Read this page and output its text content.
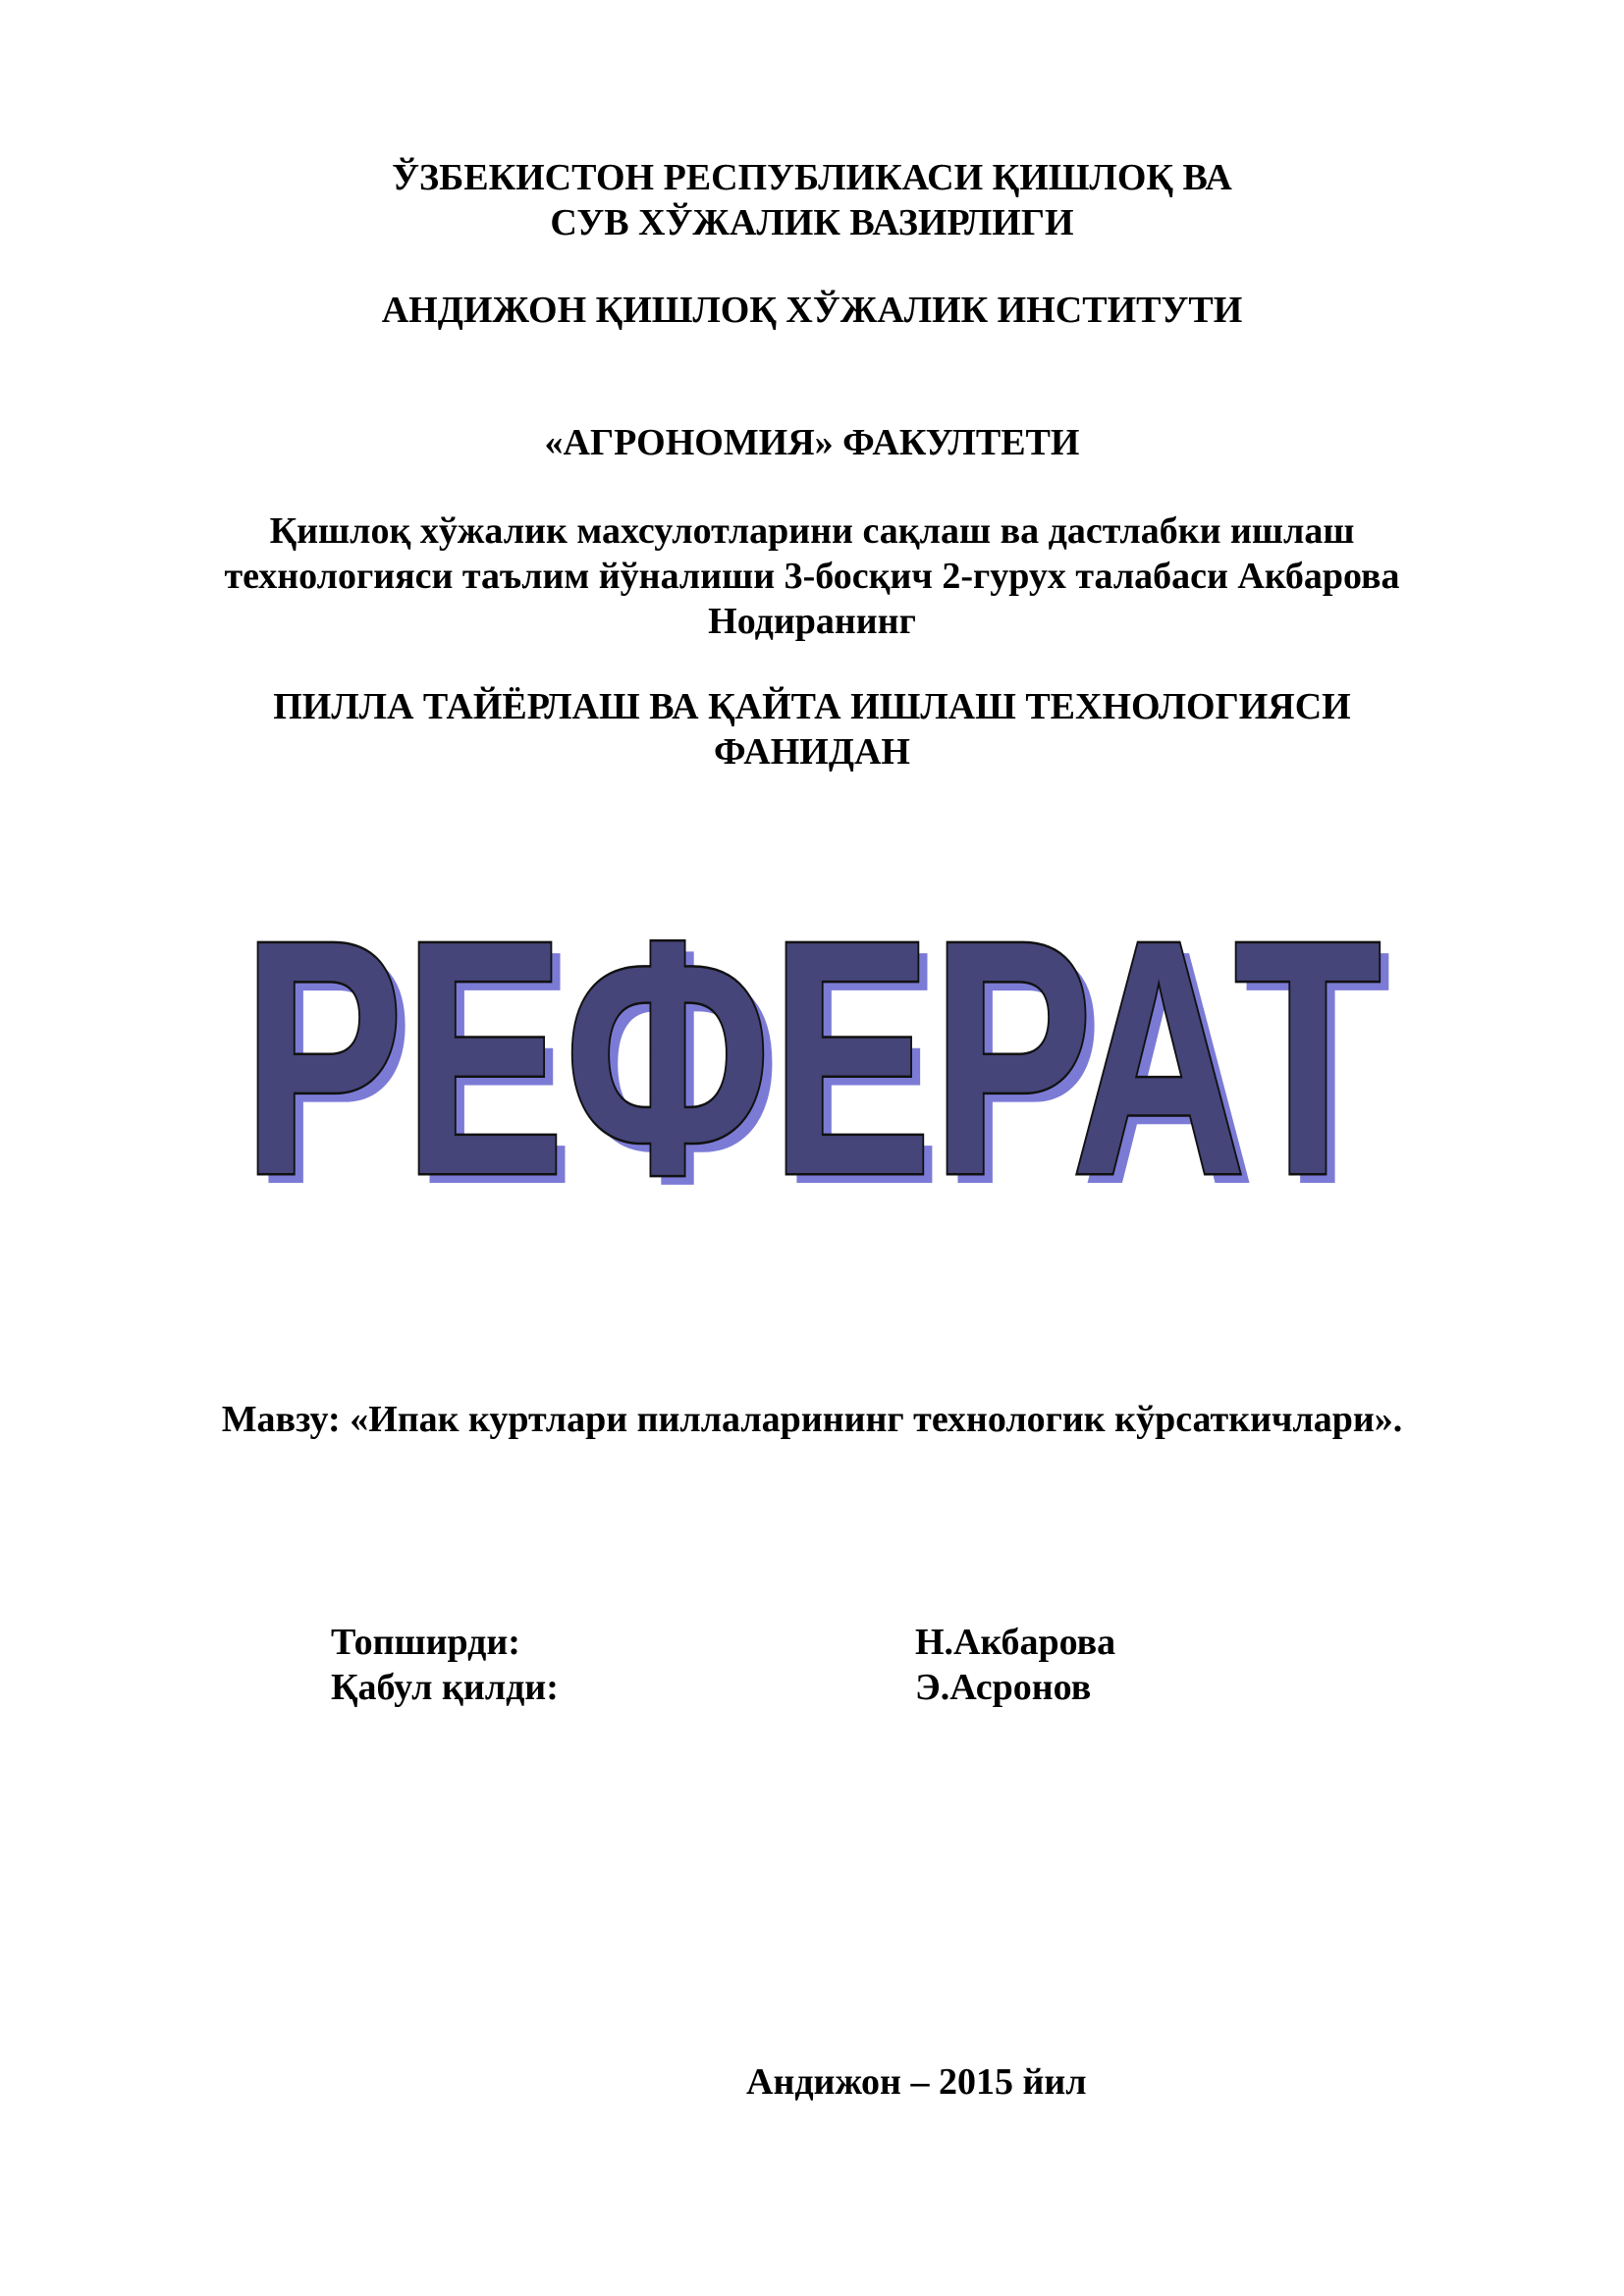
ЎЗБЕКИСТОН РЕСПУБЛИКАСИ ҚИШЛОҚ ВА
СУВ ХЎЖАЛИК ВАЗИРЛИГИ
АНДИЖОН ҚИШЛОҚ ХЎЖАЛИК ИНСТИТУТИ
«АГРОНОМИЯ» ФАКУЛТЕТИ
Қишлоқ хўжалик махсулотларини сақлаш ва дастлабки ишлаш
технологияси таълим йўналиши 3-босқич 2-гурух талабаси Акбарова
Нодиранинг
ПИЛЛА ТАЙЁРЛАШ ВА ҚАЙТА ИШЛАШ ТЕХНОЛОГИЯСИ
ФАНИДАН
РЕФЕРАТ
РЕФЕРАТ
Мавзу: «Ипак куртлари пиллаларининг технологик кўрсаткичлари».
Топширди:	Н.Акбарова
Қабул қилди:	Э.Асронов
Андижон – 2015 йил
